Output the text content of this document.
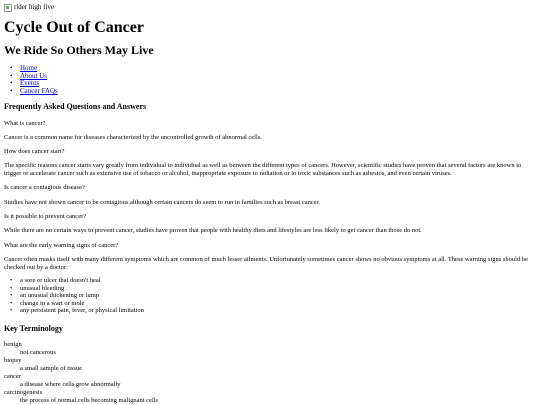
rider high five
Cycle Out of Cancer
We Ride So Others May Live
• Home
• About Us
• Events
• Cancer FAQs
Frequently Asked Questions and Answers
What is cancer?
Cancer is a common name for diseases characterized by the uncontrolled growth of abnormal cells.
How does cancer start?
The specific reasons cancer starts vary greatly from individual to individual as well as between the different types of cancers. However, scientific studies have proven that several factors are known to trigger or accelerate cancer such as extensive use of tobacco or alcohol, inappropriate exposure to radiation or to toxic substances such as asbestos, and even certain viruses.
Is cancer a contagious disease?
Studies have not shown cancer to be contagious although certain cancers do seem to run in families such as breast cancer.
Is it possible to prevent cancer?
While there are no certain ways to prevent cancer, studies have proven that people with healthy diets and lifestyles are less likely to get cancer than those do not.
What are the early warning signs of cancer?
Cancer often masks itself with many different symptoms which are common of much lesser ailments. Unfortunately sometimes cancer shows no obvious symptoms at all. These warning signs should be checked out by a doctor:
• a sore or ulcer that doesn't heal
• unusual bleeding
• an unusual thickening or lump
• change in a wart or mole
• any persistent pain, fever, or physical limitation
Key Terminology
benign
not cancerous
biopsy
a small sample of tissue
cancer
a disease where cells grow abnormally
carcinogenesis
the process of normal cells becoming malignant cells
